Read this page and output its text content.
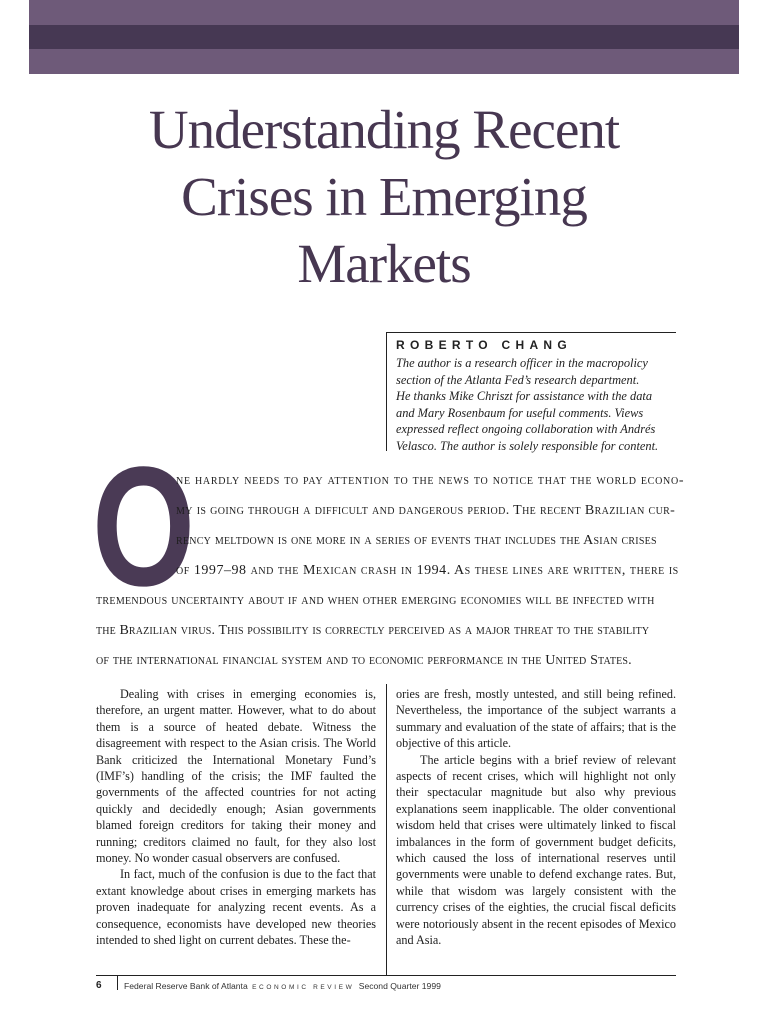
Understanding Recent
Crises in Emerging
Markets
ROBERTO CHANG
The author is a research officer in the macropolicy
section of the Atlanta Fed’s research department.
He thanks Mike Chriszt for assistance with the data
and Mary Rosenbaum for useful comments. Views
expressed reflect ongoing collaboration with Andrés
Velasco. The author is solely responsible for content.
O
ne hardly needs to pay attention to the news to notice that the world econo-
my is going through a difficult and dangerous period. The recent Brazilian cur-
rency meltdown is one more in a series of events that includes the Asian crises
of 1997–98 and the Mexican crash in 1994. As these lines are written, there is
tremendous uncertainty about if and when other emerging economies will be infected with
the Brazilian virus. This possibility is correctly perceived as a major threat to the stability
of the international financial system and to economic performance in the United States.

Dealing with crises in emerging economies is, therefore, an urgent matter. However, what to do about them is a source of heated debate. Witness the disagreement with respect to the Asian crisis. The World Bank criticized the International Monetary Fund’s (IMF’s) handling of the crisis; the IMF faulted the governments of the affected countries for not acting quickly and decidedly enough; Asian governments blamed foreign creditors for taking their money and running; creditors claimed no fault, for they also lost money. No wonder casual observers are confused.

In fact, much of the confusion is due to the fact that extant knowledge about crises in emerging markets has proven inadequate for analyzing recent events. As a consequence, economists have developed new theories intended to shed light on current debates. These the-

ories are fresh, mostly untested, and still being refined. Nevertheless, the importance of the subject warrants a summary and evaluation of the state of affairs; that is the objective of this article.

The article begins with a brief review of relevant aspects of recent crises, which will highlight not only their spectacular magnitude but also why previous explanations seem inapplicable. The older conventional wisdom held that crises were ultimately linked to fiscal imbalances in the form of government budget deficits, which caused the loss of international reserves until governments were unable to defend exchange rates. But, while that wisdom was largely consistent with the currency crises of the eighties, the crucial fiscal deficits were notoriously absent in the recent episodes of Mexico and Asia.

6	Federal Reserve Bank of Atlanta ECONOMIC REVIEW Second Quarter 1999
